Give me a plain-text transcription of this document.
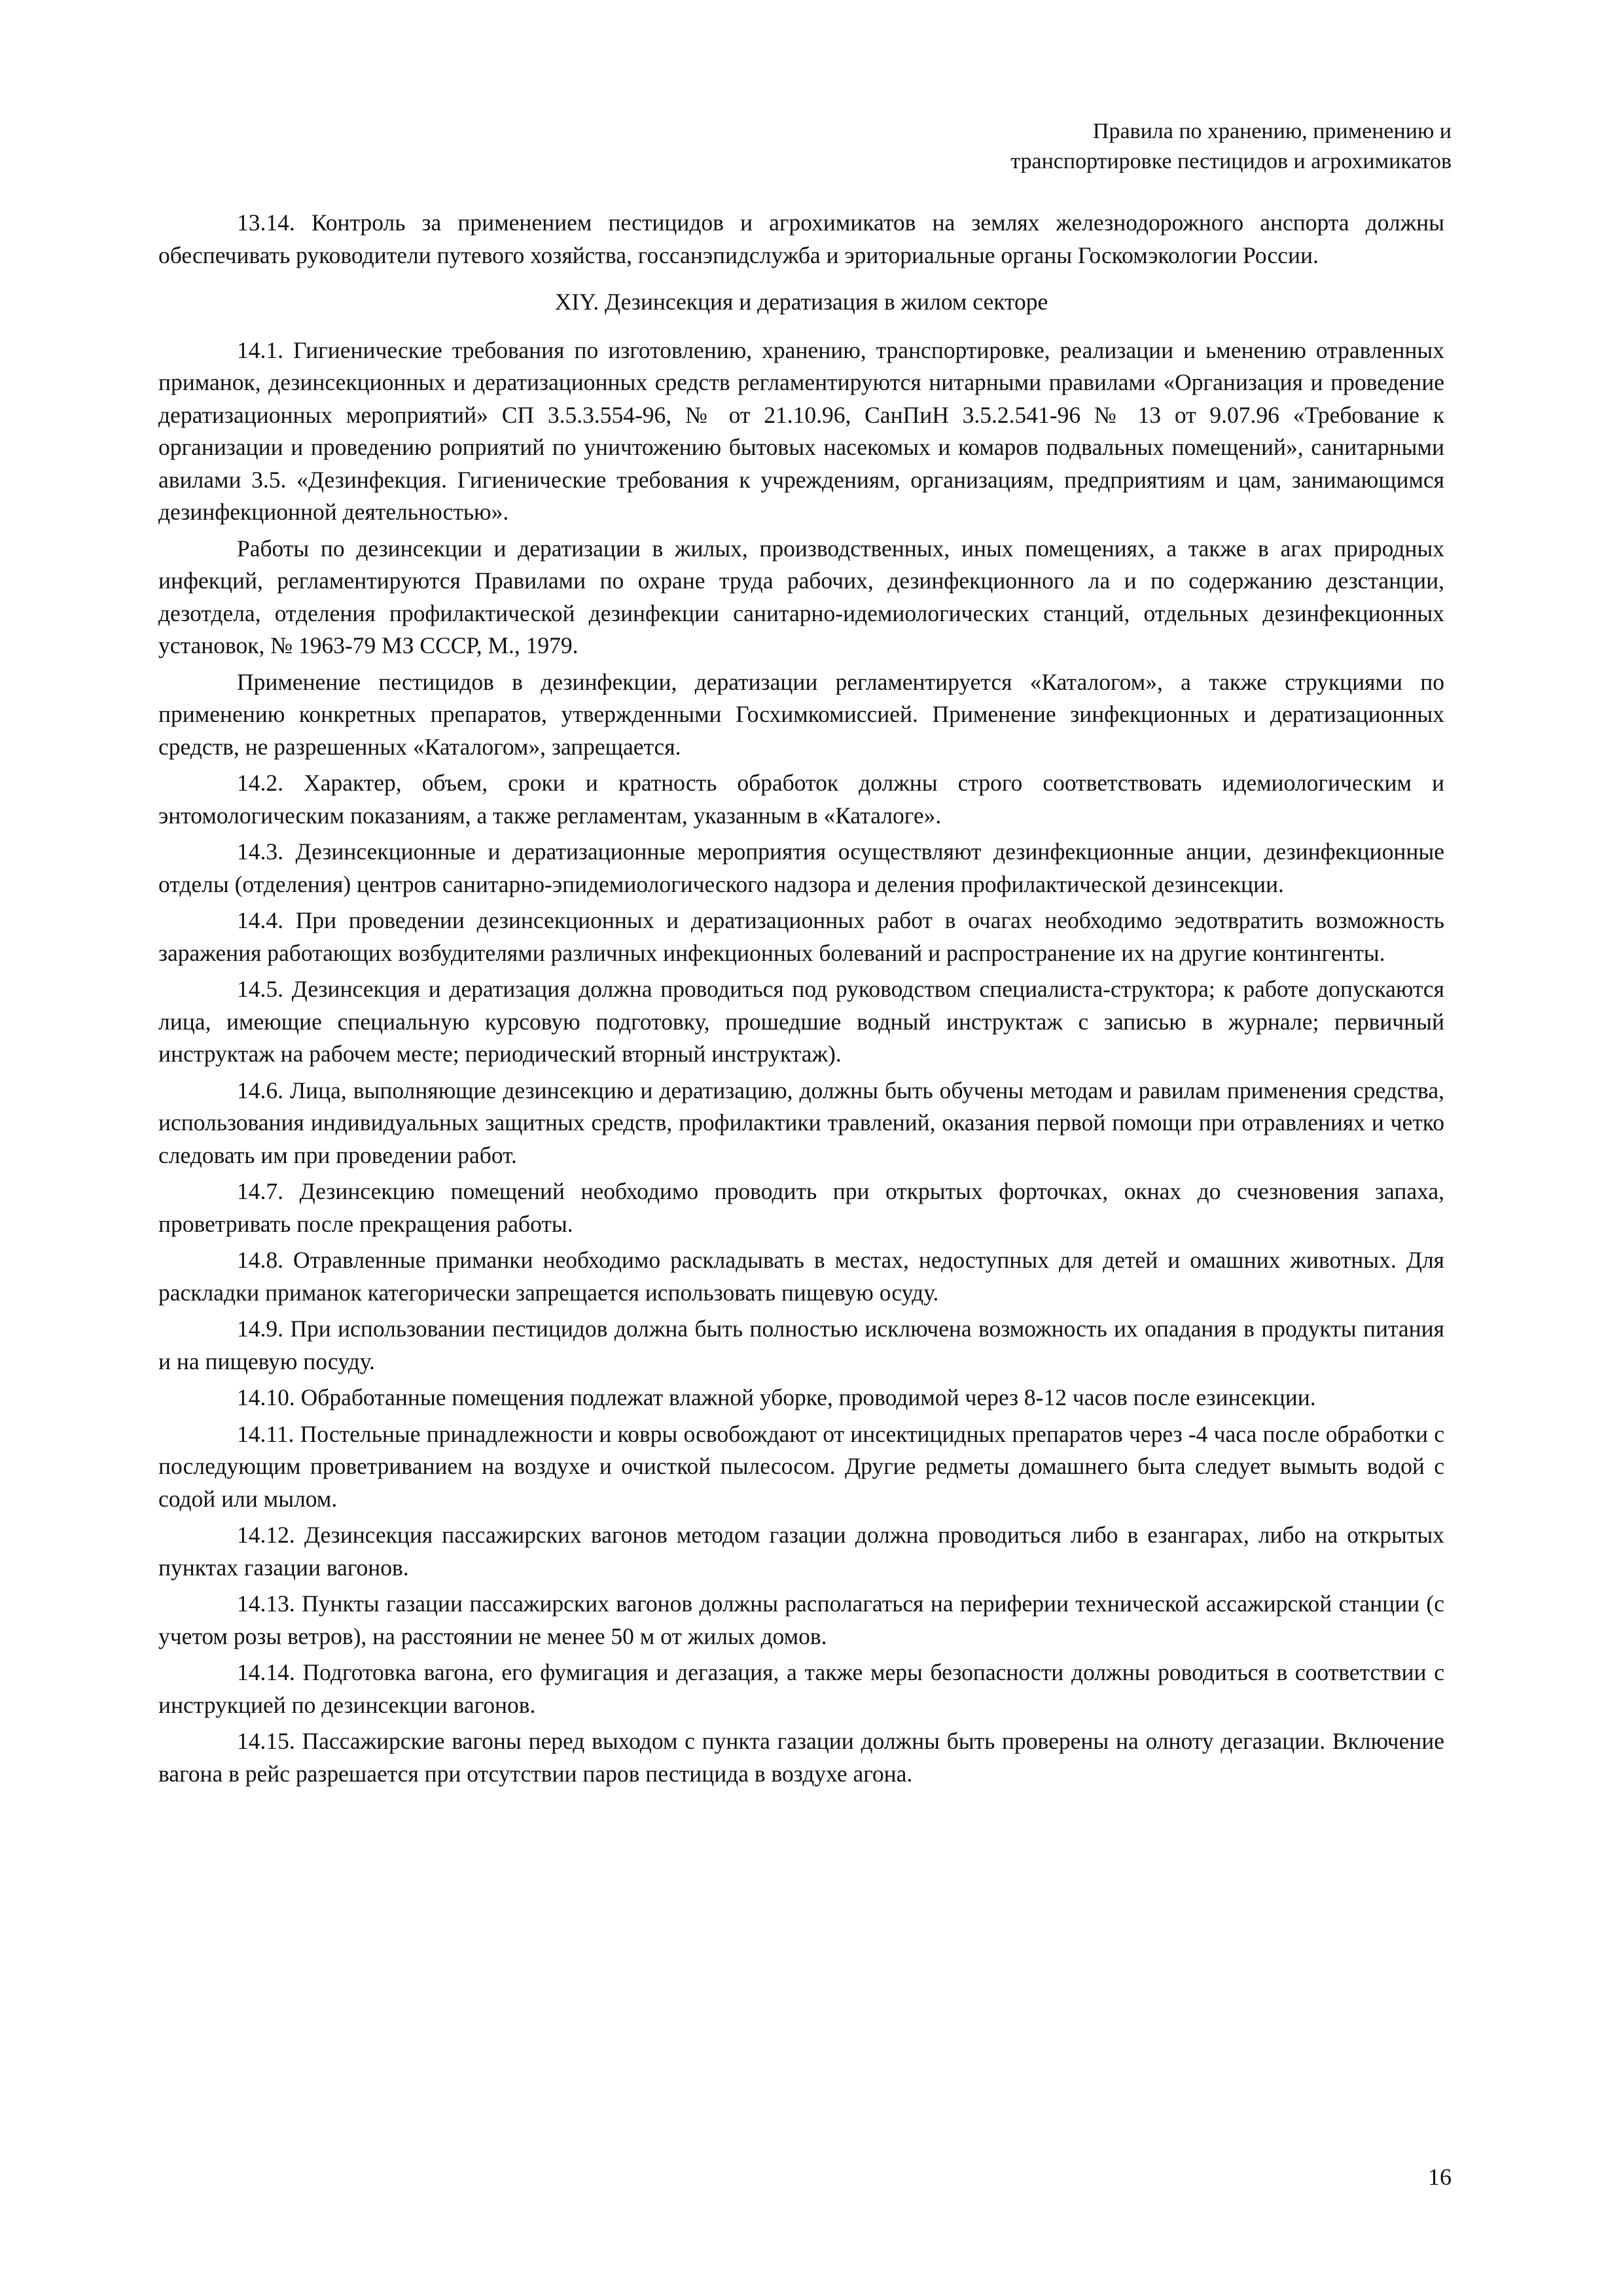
Правила по хранению, применению и
транспортировке пестицидов и агрохимикатов

13.14. Контроль за применением пестицидов и агрохимикатов на землях железнодорожного анспорта должны обеспечивать руководители путевого хозяйства, госсанэпидслужба и эриториальные органы Госкомэкологии России.

XIY. Дезинсекция и дератизация в жилом секторе

14.1. Гигиенические требования по изготовлению, хранению, транспортировке, реализации и ьменению отравленных приманок, дезинсекционных и дератизационных средств регламентируются нитарными правилами «Организация и проведение дератизационных мероприятий» СП 3.5.3.554-96, № от 21.10.96, СанПиН 3.5.2.541-96 № 13 от 9.07.96 «Требование к организации и проведению роприятий по уничтожению бытовых насекомых и комаров подвальных помещений», санитарными авилами 3.5. «Дезинфекция. Гигиенические требования к учреждениям, организациям, предприятиям и цам, занимающимся дезинфекционной деятельностью».

Работы по дезинсекции и дератизации в жилых, производственных, иных помещениях, а также в агах природных инфекций, регламентируются Правилами по охране труда рабочих, дезинфекционного ла и по содержанию дезстанции, дезотдела, отделения профилактической дезинфекции санитарно-идемиологических станций, отдельных дезинфекционных установок, № 1963-79 МЗ СССР, М., 1979.

Применение пестицидов в дезинфекции, дератизации регламентируется «Каталогом», а также струкциями по применению конкретных препаратов, утвержденными Госхимкомиссией. Применение зинфекционных и дератизационных средств, не разрешенных «Каталогом», запрещается.

14.2. Характер, объем, сроки и кратность обработок должны строго соответствовать идемиологическим и энтомологическим показаниям, а также регламентам, указанным в «Каталоге».

14.3. Дезинсекционные и дератизационные мероприятия осуществляют дезинфекционные анции, дезинфекционные отделы (отделения) центров санитарно-эпидемиологического надзора и деления профилактической дезинсекции.

14.4. При проведении дезинсекционных и дератизационных работ в очагах необходимо эедотвратить возможность заражения работающих возбудителями различных инфекционных болеваний и распространение их на другие контингенты.

14.5. Дезинсекция и дератизация должна проводиться под руководством специалиста-структора; к работе допускаются лица, имеющие специальную курсовую подготовку, прошедшие водный инструктаж с записью в журнале; первичный инструктаж на рабочем месте; периодический вторный инструктаж).

14.6. Лица, выполняющие дезинсекцию и дератизацию, должны быть обучены методам и равилам применения средства, использования индивидуальных защитных средств, профилактики травлений, оказания первой помощи при отравлениях и четко следовать им при проведении работ.

14.7. Дезинсекцию помещений необходимо проводить при открытых форточках, окнах до счезновения запаха, проветривать после прекращения работы.

14.8. Отравленные приманки необходимо раскладывать в местах, недоступных для детей и омашних животных. Для раскладки приманок категорически запрещается использовать пищевую осуду.

14.9. При использовании пестицидов должна быть полностью исключена возможность их опадания в продукты питания и на пищевую посуду.

14.10. Обработанные помещения подлежат влажной уборке, проводимой через 8-12 часов после езинсекции.

14.11. Постельные принадлежности и ковры освобождают от инсектицидных препаратов через -4 часа после обработки с последующим проветриванием на воздухе и очисткой пылесосом. Другие редметы домашнего быта следует вымыть водой с содой или мылом.

14.12. Дезинсекция пассажирских вагонов методом газации должна проводиться либо в езангарах, либо на открытых пунктах газации вагонов.

14.13. Пункты газации пассажирских вагонов должны располагаться на периферии технической ассажирской станции (с учетом розы ветров), на расстоянии не менее 50 м от жилых домов.

14.14. Подготовка вагона, его фумигация и дегазация, а также меры безопасности должны роводиться в соответствии с инструкцией по дезинсекции вагонов.

14.15. Пассажирские вагоны перед выходом с пункта газации должны быть проверены на олноту дегазации. Включение вагона в рейс разрешается при отсутствии паров пестицида в воздухе агона.

16
